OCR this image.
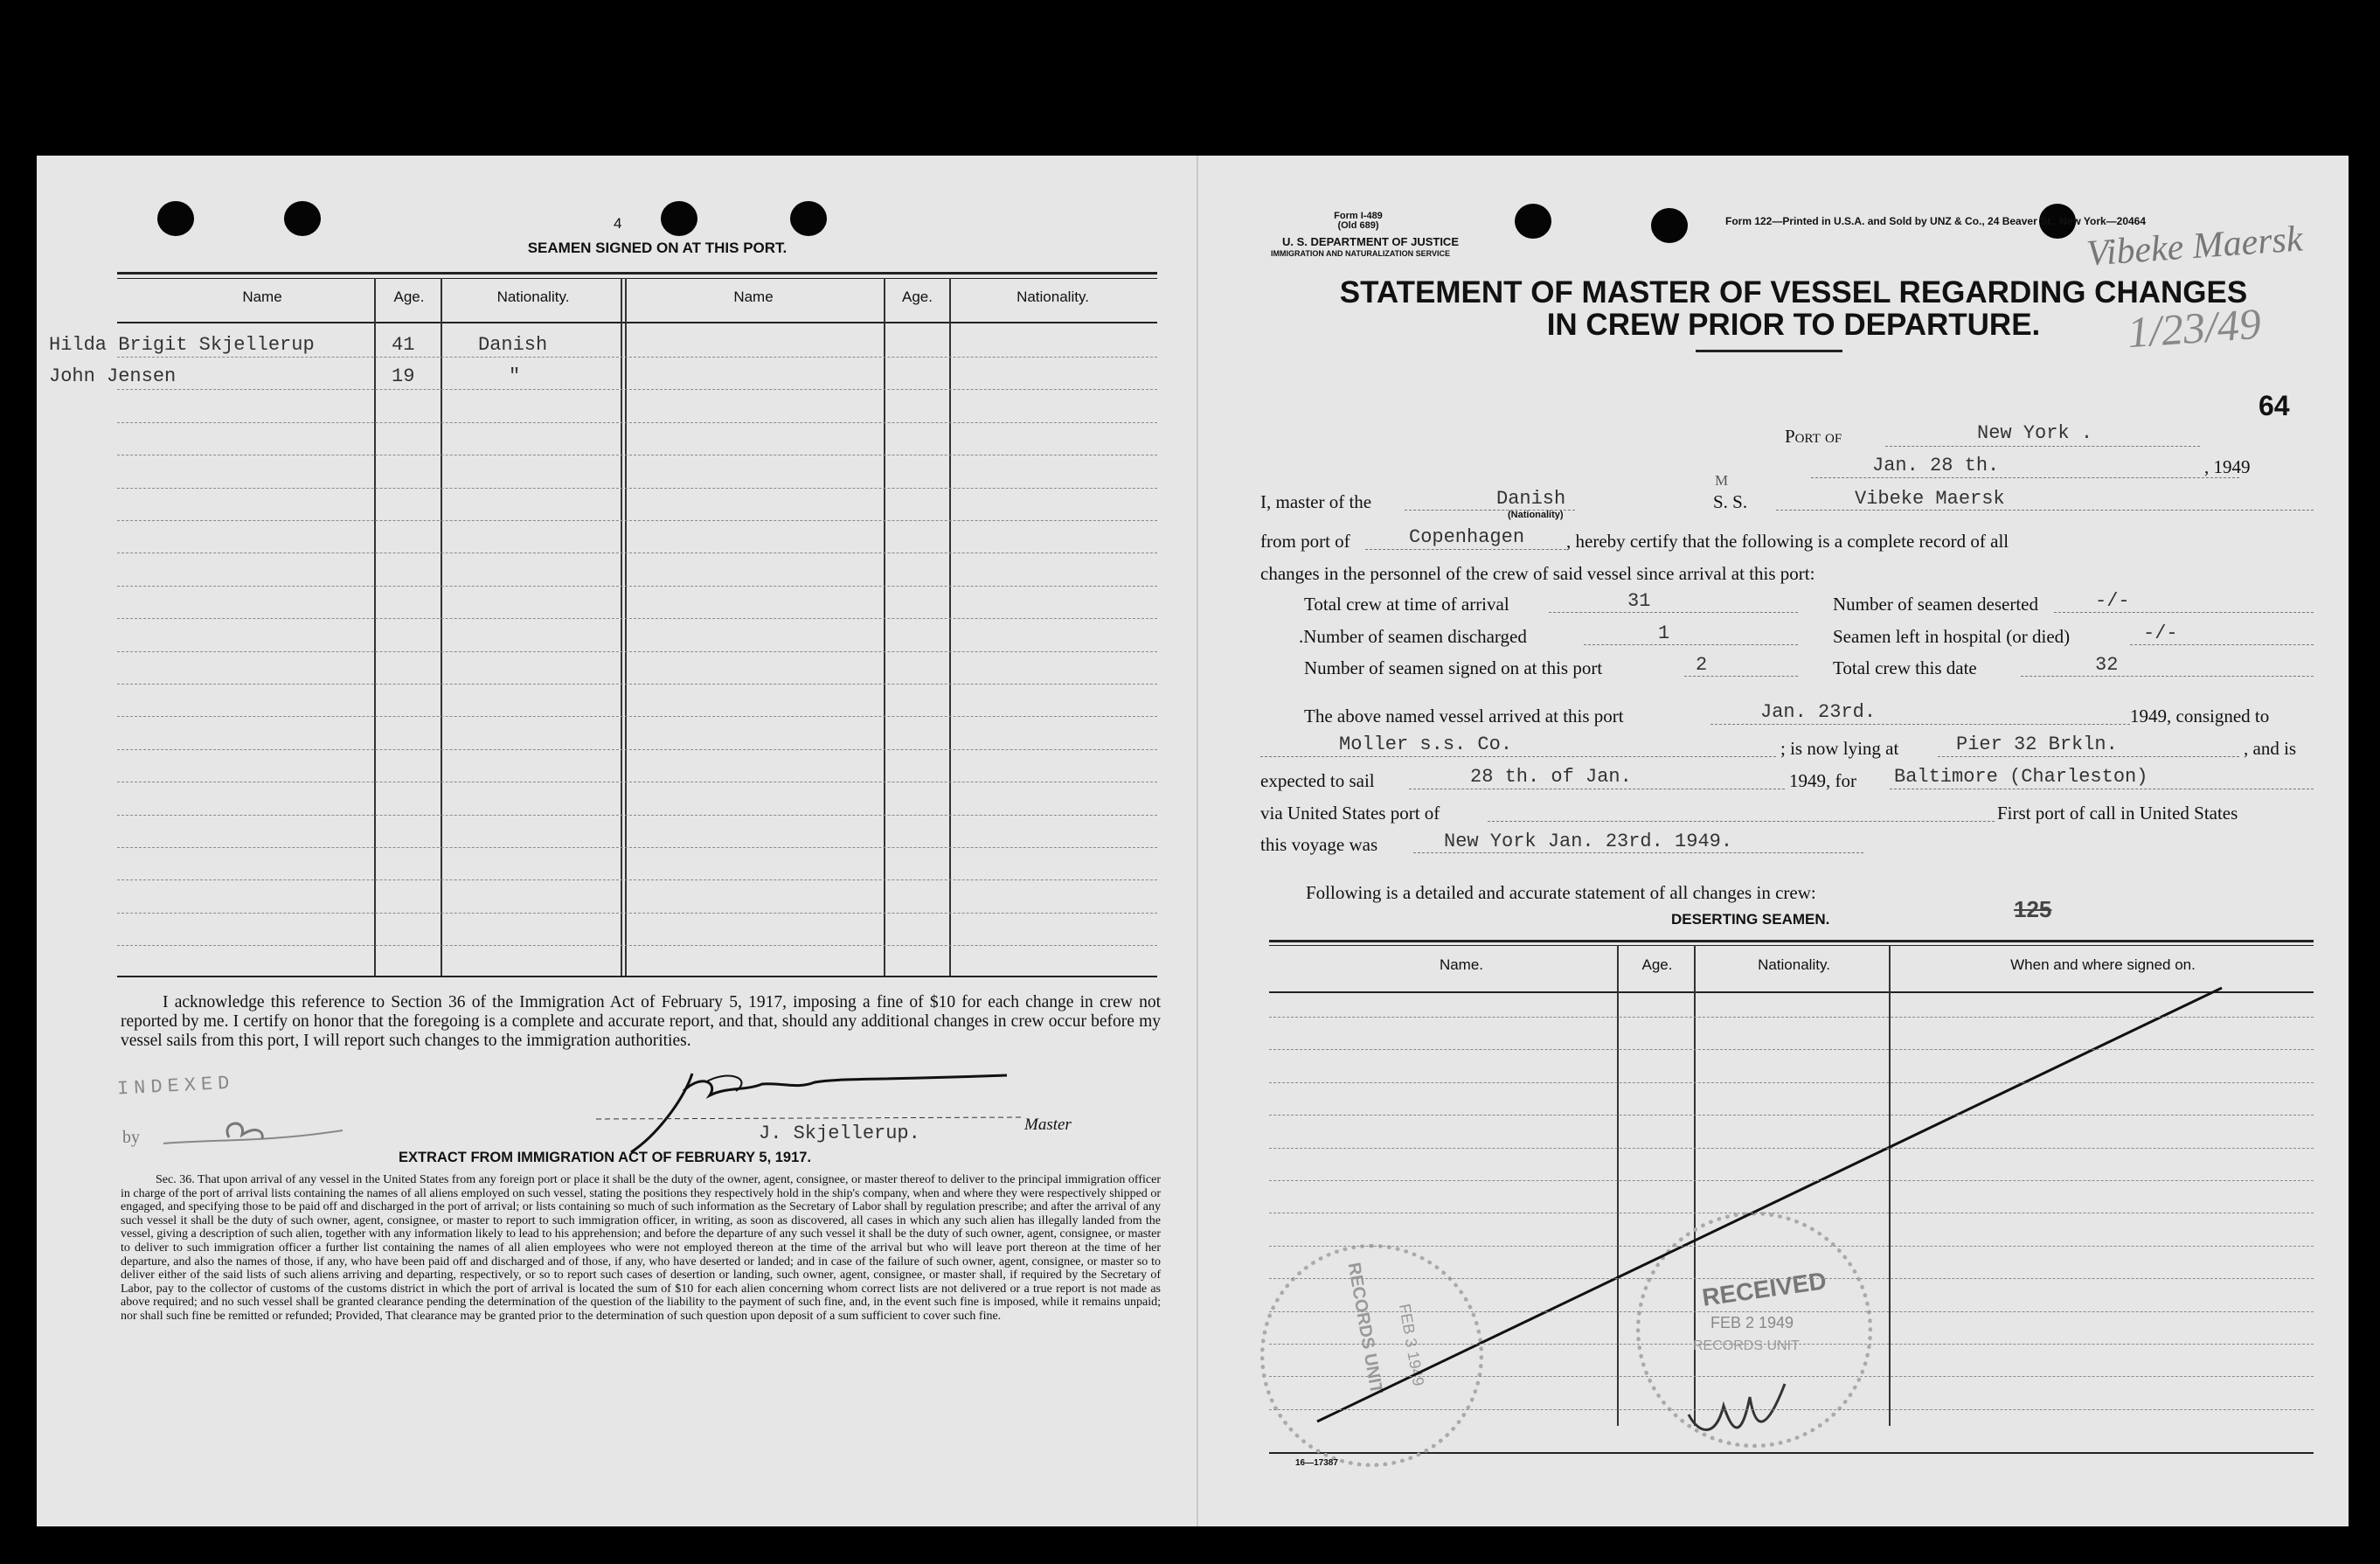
4
SEAMEN SIGNED ON AT THIS PORT.
Name	Age.	Nationality.	Name	Age.	Nationality.
Hilda Brigit Skjellerup	41	Danish
John Jensen	19	"
I acknowledge this reference to Section 36 of the Immigration Act of February 5, 1917, imposing a fine of $10 for each change in crew not reported by me. I certify on honor that the foregoing is a complete and accurate report, and that, should any additional changes in crew occur before my vessel sails from this port, I will report such changes to the immigration authorities.
INDEXED
by	J. Skjellerup.	Master
EXTRACT FROM IMMIGRATION ACT OF FEBRUARY 5, 1917.
Sec. 36. That upon arrival of any vessel in the United States from any foreign port or place it shall be the duty of the owner, agent, consignee, or master thereof to deliver to the principal immigration officer in charge of the port of arrival lists containing the names of all aliens employed on such vessel, stating the positions they respectively hold in the ship's company, when and where they were respectively shipped or engaged, and specifying those to be paid off and discharged in the port of arrival; or lists containing so much of such information as the Secretary of Labor shall by regulation prescribe; and after the arrival of any such vessel it shall be the duty of such owner, agent, consignee, or master to report to such immigration officer, in writing, as soon as discovered, all cases in which any such alien has illegally landed from the vessel, giving a description of such alien, together with any information likely to lead to his apprehension; and before the departure of any such vessel it shall be the duty of such owner, agent, consignee, or master to deliver to such immigration officer a further list containing the names of all alien employees who were not employed thereon at the time of the arrival but who will leave port thereon at the time of her departure, and also the names of those, if any, who have been paid off and discharged and of those, if any, who have deserted or landed; and in case of the failure of such owner, agent, consignee, or master so to deliver either of the said lists of such aliens arriving and departing, respectively, or so to report such cases of desertion or landing, such owner, agent, consignee, or master shall, if required by the Secretary of Labor, pay to the collector of customs of the customs district in which the port of arrival is located the sum of $10 for each alien concerning whom correct lists are not delivered or a true report is not made as above required; and no such vessel shall be granted clearance pending the determination of the question of the liability to the payment of such fine, and, in the event such fine is imposed, while it remains unpaid; nor shall such fine be remitted or refunded; Provided, That clearance may be granted prior to the determination of such question upon deposit of a sum sufficient to cover such fine.
Form I-489
(Old 689)
U. S. DEPARTMENT OF JUSTICE
IMMIGRATION AND NATURALIZATION SERVICE
Form 122—Printed in U.S.A. and Sold by UNZ & Co., 24 Beaver St., New York—20464
Vibeke Maersk
1/23/49
STATEMENT OF MASTER OF VESSEL REGARDING CHANGES
IN CREW PRIOR TO DEPARTURE.
64
Port of	New York .
Jan. 28 th.	, 1949
I, master of the	Danish
(Nationality)
M
S. S.	Vibeke Maersk
from port of	Copenhagen , hereby certify that the following is a complete record of all
changes in the personnel of the crew of said vessel since arrival at this port:
Total crew at time of arrival	31	Number of seamen deserted	-/-
.Number of seamen discharged	1	Seamen left in hospital (or died)	-/-
Number of seamen signed on at this port	2	Total crew this date	32
The above named vessel arrived at this port	Jan. 23rd.	1949, consigned to
Moller s.s. Co.	; is now lying at	Pier 32 Brkln.	, and is
expected to sail	28 th. of Jan.	1949, for Baltimore (Charleston)
via United States port of	First port of call in United States
this voyage was	New York Jan. 23rd. 1949.
Following is a detailed and accurate statement of all changes in crew:
DESERTING SEAMEN.	125
Name.	Age.	Nationality.	When and where signed on.
RECORDS UNIT FEB 3 1949
RECEIVED
FEB 2 1949
RECORDS UNIT
16—17387
